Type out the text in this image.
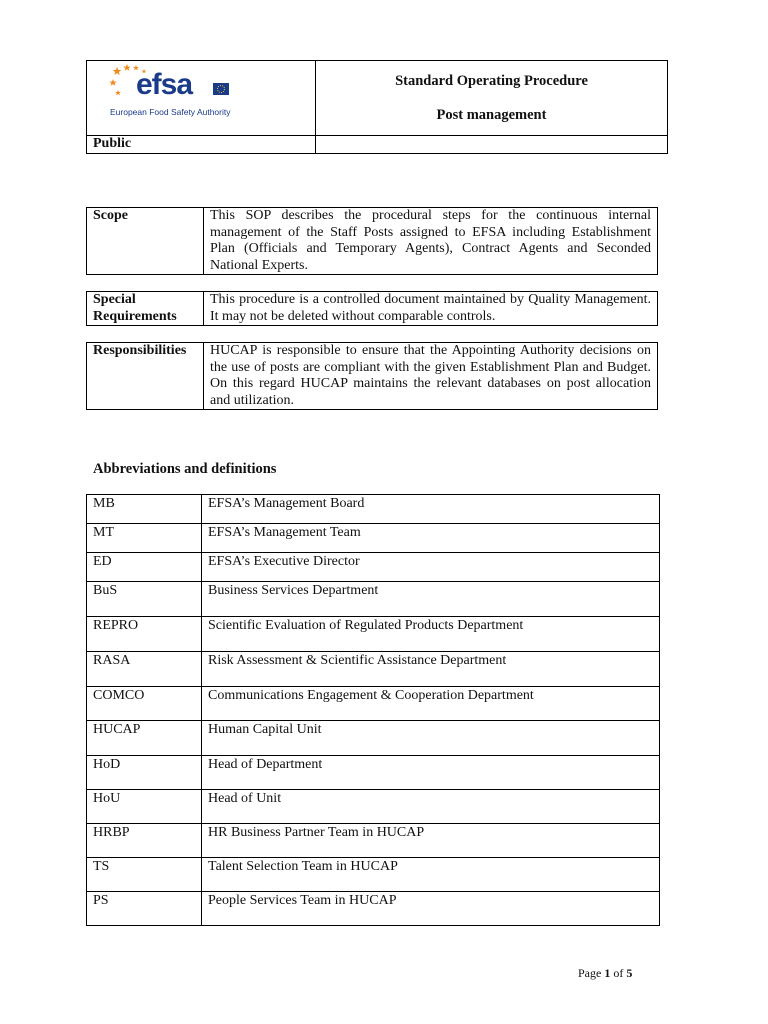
efsa
European Food Safety Authority	Standard Operating Procedure
Post management

Public	
Scope	This SOP describes the procedural steps for the continuous internal management of the Staff Posts assigned to EFSA including Establishment Plan (Officials and Temporary Agents), Contract Agents and Seconded National Experts.
Special
Requirements	This procedure is a controlled document maintained by Quality Management. It may not be deleted without comparable controls.
Responsibilities	HUCAP is responsible to ensure that the Appointing Authority decisions on the use of posts are compliant with the given Establishment Plan and Budget. On this regard HUCAP maintains the relevant databases on post allocation and utilization.

Abbreviations and definitions

MB	EFSA’s Management Board
MT	EFSA’s Management Team
ED	EFSA’s Executive Director
BuS	Business Services Department
REPRO	Scientific Evaluation of Regulated Products Department
RASA	Risk Assessment & Scientific Assistance Department
COMCO	Communications Engagement & Cooperation Department
HUCAP	Human Capital Unit
HoD	Head of Department
HoU	Head of Unit
HRBP	HR Business Partner Team in HUCAP
TS	Talent Selection Team in HUCAP
PS	People Services Team in HUCAP
Page 1 of 5
